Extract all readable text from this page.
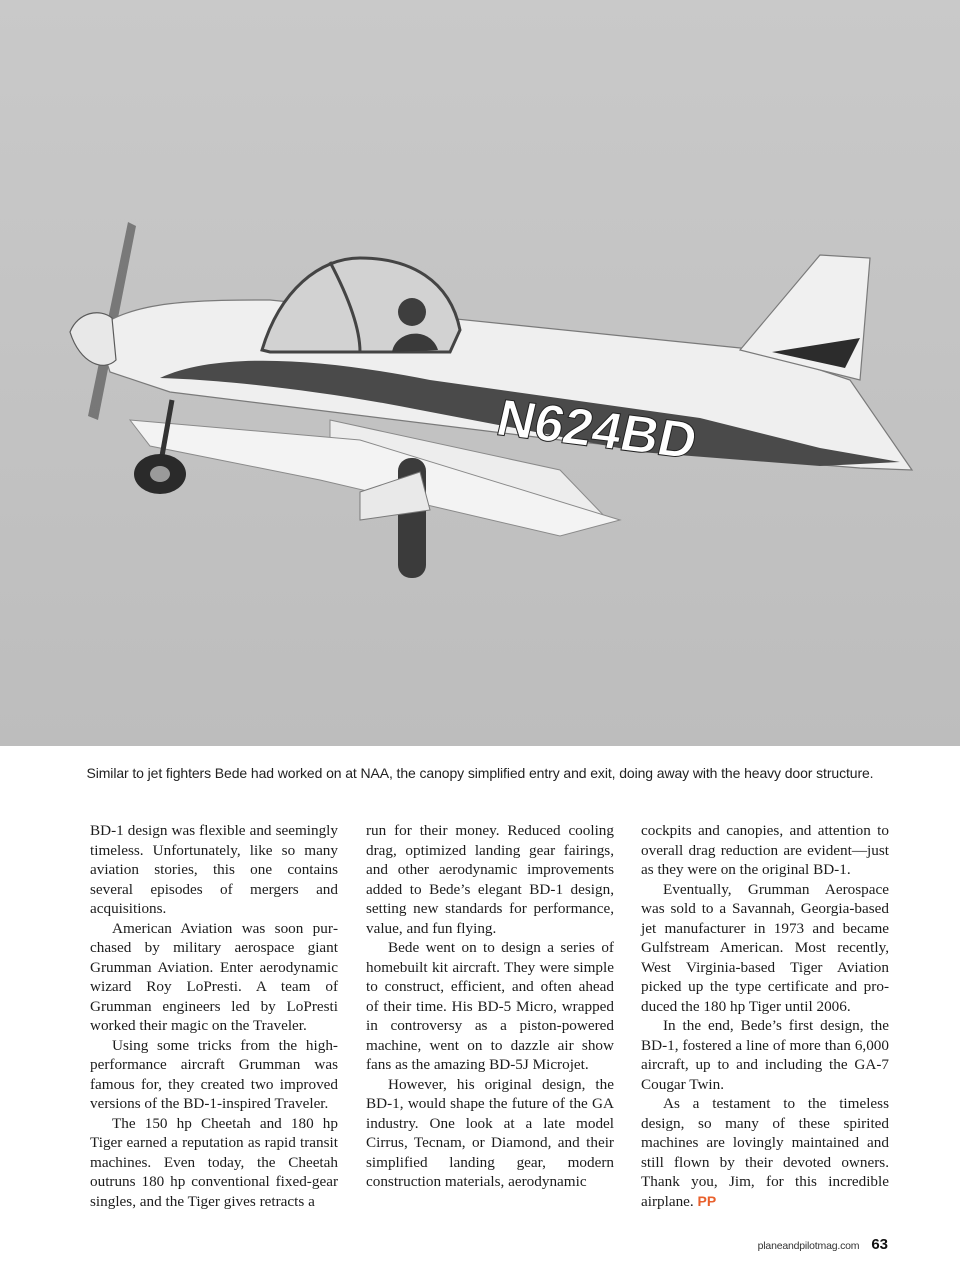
N624BD
Similar to jet fighters Bede had worked on at NAA, the canopy simplified entry and exit, doing away with the heavy door structure.

BD-1 design was flexible and seemingly timeless. Unfortunately, like so many aviation stories, this one contains several episodes of mergers and acquisitions.

American Aviation was soon purchased by military aerospace giant Grumman Aviation. Enter aerodynamic wizard Roy LoPresti. A team of Grumman engineers led by LoPresti worked their magic on the Traveler.

Using some tricks from the high-performance aircraft Grumman was famous for, they created two improved versions of the BD-1-inspired Traveler.

The 150 hp Cheetah and 180 hp Tiger earned a reputation as rapid transit machines. Even today, the Cheetah outruns 180 hp conventional fixed-gear singles, and the Tiger gives retracts a

run for their money. Reduced cooling drag, optimized landing gear fairings, and other aerodynamic improvements added to Bede’s elegant BD-1 design, setting new standards for performance, value, and fun flying.

Bede went on to design a series of homebuilt kit aircraft. They were simple to construct, efficient, and often ahead of their time. His BD-5 Micro, wrapped in controversy as a piston-powered machine, went on to dazzle air show fans as the amazing BD-5J Microjet.

However, his original design, the BD-1, would shape the future of the GA industry. One look at a late model Cirrus, Tecnam, or Diamond, and their simplified landing gear, modern construction materials, aerodynamic

cockpits and canopies, and attention to overall drag reduction are evident—just as they were on the original BD-1.

Eventually, Grumman Aerospace was sold to a Savannah, Georgia-based jet manufacturer in 1973 and became Gulfstream American. Most recently, West Virginia-based Tiger Aviation picked up the type certificate and produced the 180 hp Tiger until 2006.

In the end, Bede’s first design, the BD-1, fostered a line of more than 6,000 aircraft, up to and including the GA-7 Cougar Twin.

As a testament to the timeless design, so many of these spirited machines are lovingly maintained and still flown by their devoted owners. Thank you, Jim, for this incredible airplane. PP

planeandpilotmag.com 63
